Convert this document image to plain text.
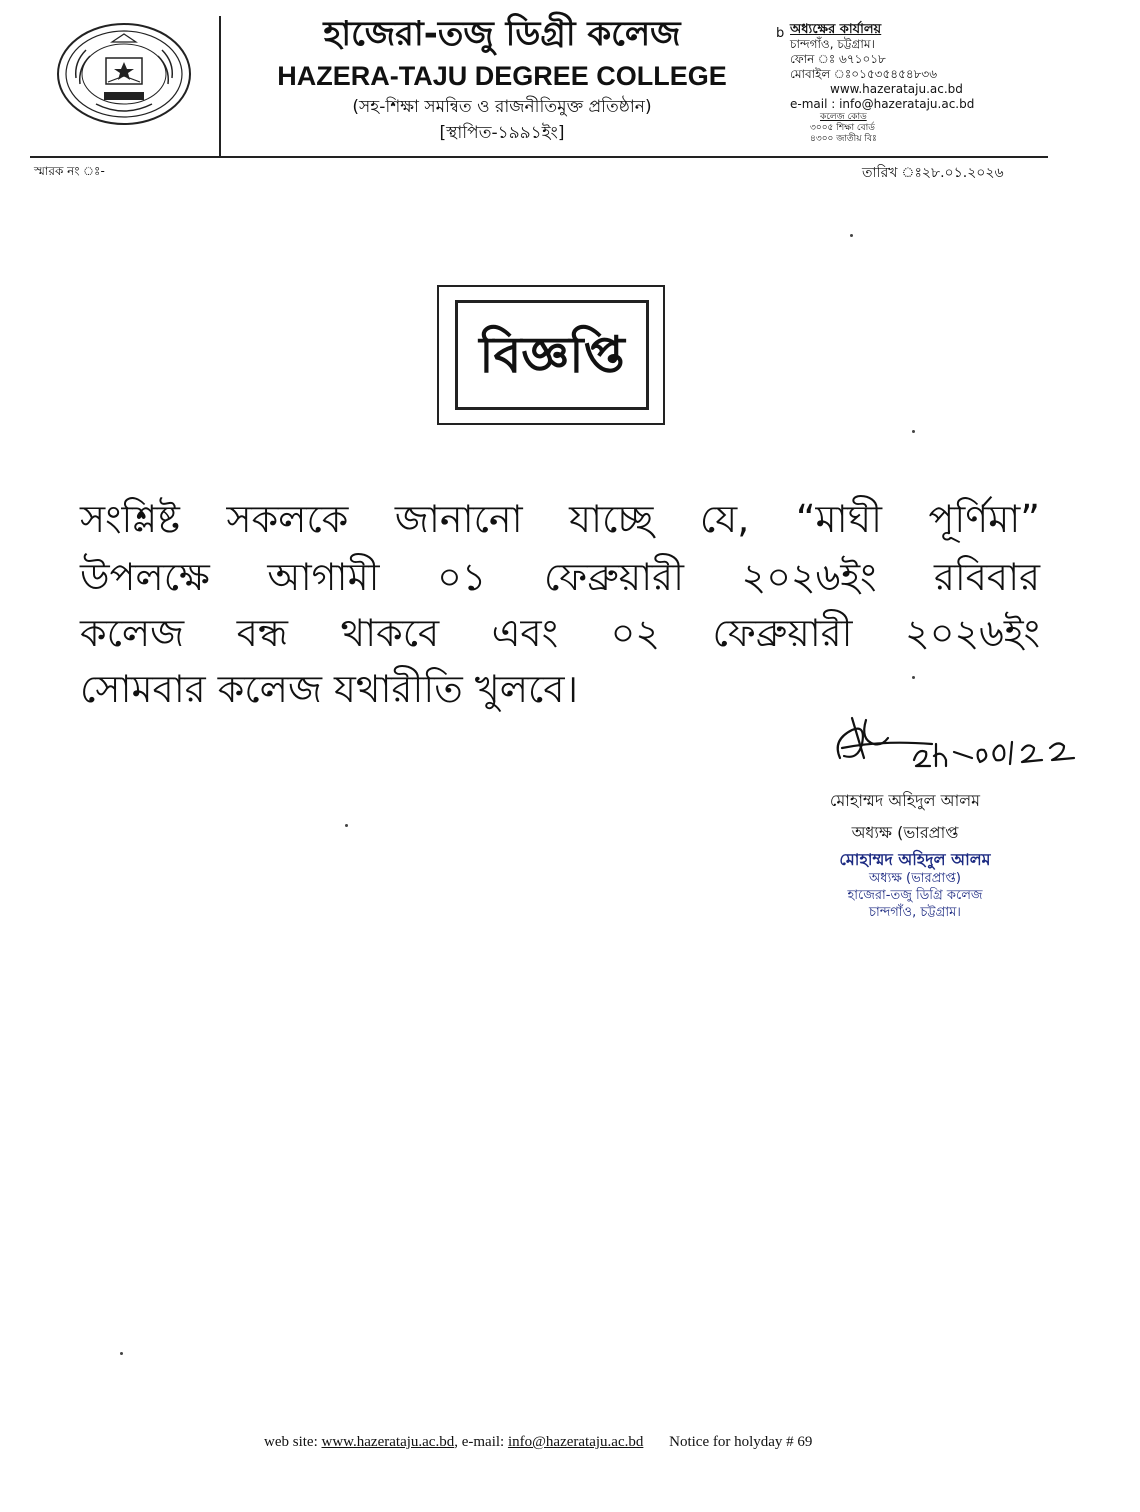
হাজেরা-তজু ডিগ্রী কলেজ
HAZERA-TAJU DEGREE COLLEGE
(সহ-শিক্ষা সমন্বিত ও রাজনীতিমুক্ত প্রতিষ্ঠান)
[স্থাপিত-১৯৯১ইং]
b অধ্যক্ষের কার্যালয়
চান্দগাঁও, চট্টগ্রাম।
ফোন ঃ ৬৭১০১৮
মোবাইল ঃ০১৫৩৫৪৫৪৮৩৬
www.hazerataju.ac.bd
e-mail : info@hazerataju.ac.bd
কলেজ কোড
৩০০৫ শিক্ষা বোর্ড
৪৩০০ জাতীয় বিঃ
স্মারক নং ঃ-	তারিখ ঃ২৮.০১.২০২৬
বিজ্ঞপ্তি
সংশ্লিষ্ট সকলকে জানানো যাচ্ছে যে, “মাঘী পূর্ণিমা”
উপলক্ষে আগামী ০১ ফেব্রুয়ারী ২০২৬ইং রবিবার
কলেজ বন্ধ থাকবে এবং ০২ ফেব্রুয়ারী ২০২৬ইং
সোমবার কলেজ যথারীতি খুলবে।
মোহাম্মদ অহিদুল আলম
অধ্যক্ষ (ভারপ্রাপ্ত
মোহাম্মদ অহিদুল আলম
অধ্যক্ষ (ভারপ্রাপ্ত)
হাজেরা-তজু ডিগ্রি কলেজ
চান্দগাঁও, চট্টগ্রাম।
web site: www.hazerataju.ac.bd, e-mail: info@hazerataju.ac.bd Notice for holyday # 69
